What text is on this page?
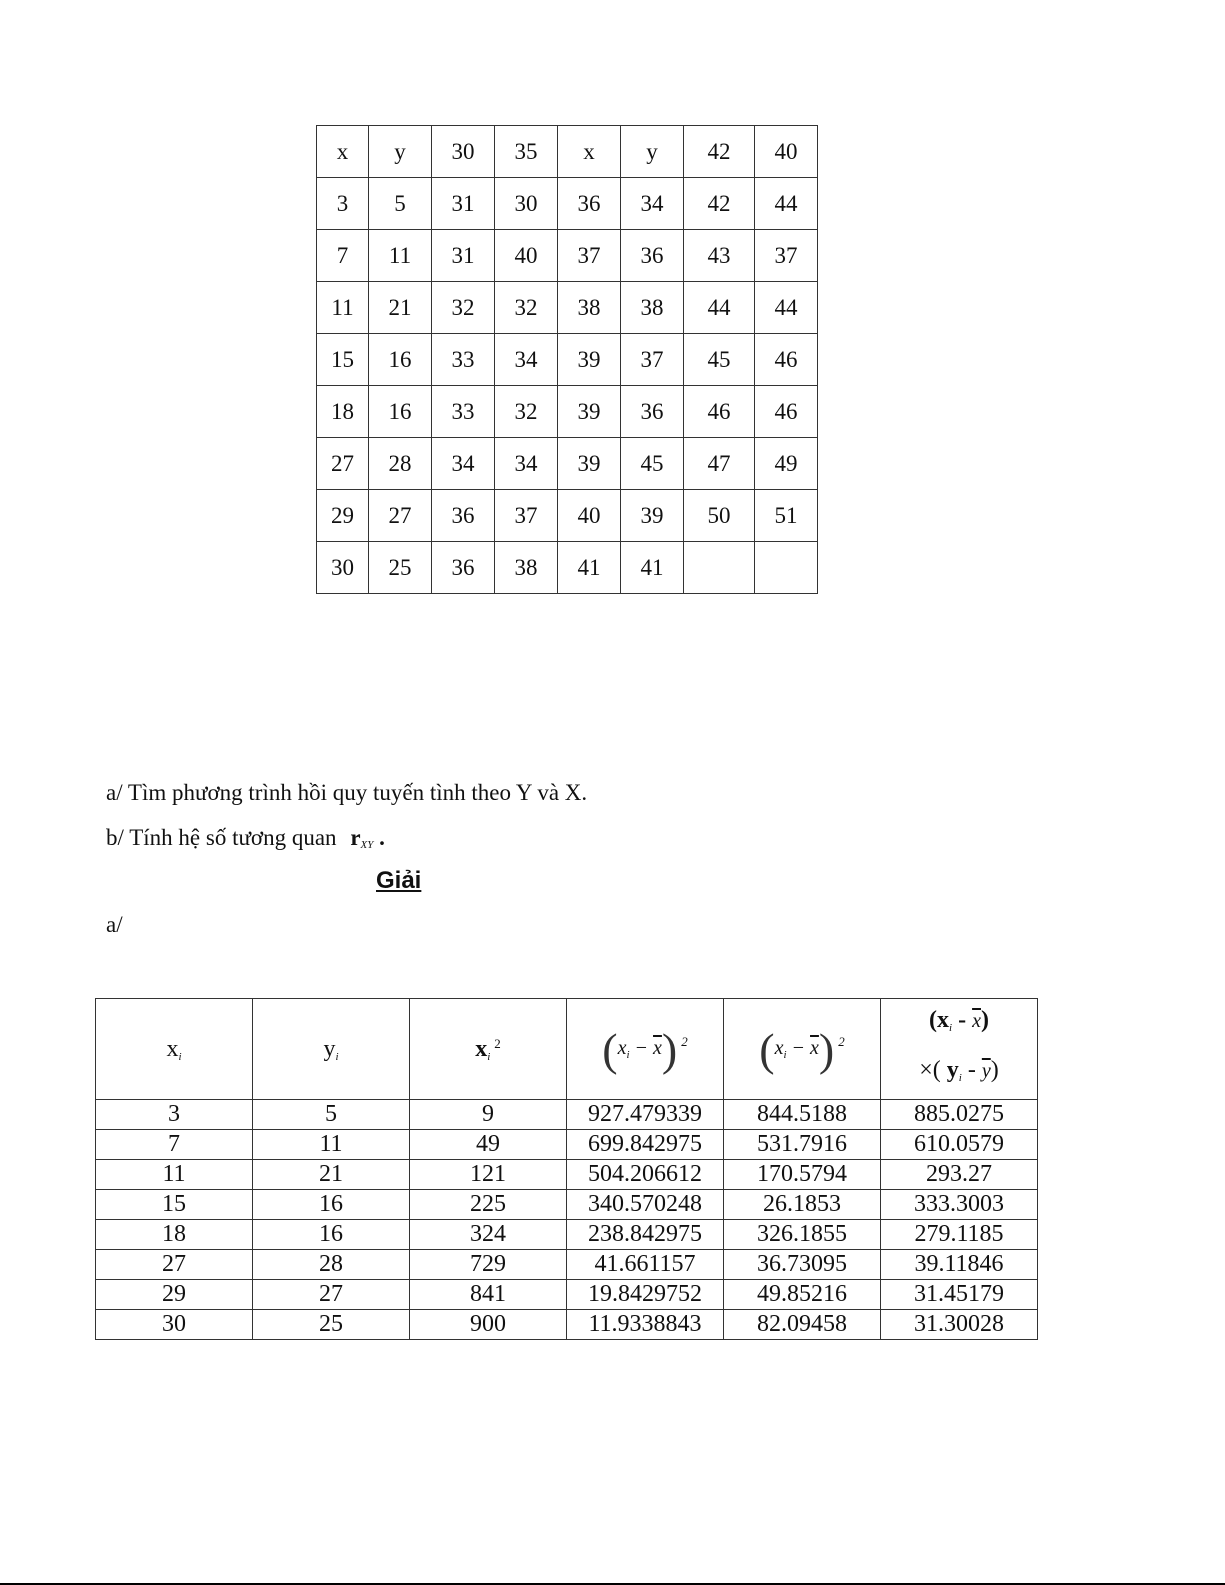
x	y	30	35	x	y	42	40
3	5	31	30	36	34	42	44
7	11	31	40	37	36	43	37
11	21	32	32	38	38	44	44
15	16	33	34	39	37	45	46
18	16	33	32	39	36	46	46
27	28	34	34	39	45	47	49
29	27	36	37	40	39	50	51
30	25	36	38	41	41		
a/ Tìm phương trình hồi quy tuyến tình theo Y và X.
b/ Tính hệ số tương quan rXY .
Giải
a/
xi	yi	$xi^2$	$(x_i - \overline{x})$ $^2$	$(x_i - \overline{x})$ $^2$	$(xi - \overline{x})$
×( yi - $\overline{y}$)

3	5	9	927.479339	844.5188	885.0275
7	11	49	699.842975	531.7916	610.0579
11	21	121	504.206612	170.5794	293.27
15	16	225	340.570248	26.1853	333.3003
18	16	324	238.842975	326.1855	279.1185
27	28	729	41.661157	36.73095	39.11846
29	27	841	19.8429752	49.85216	31.45179
30	25	900	11.9338843	82.09458	31.30028
